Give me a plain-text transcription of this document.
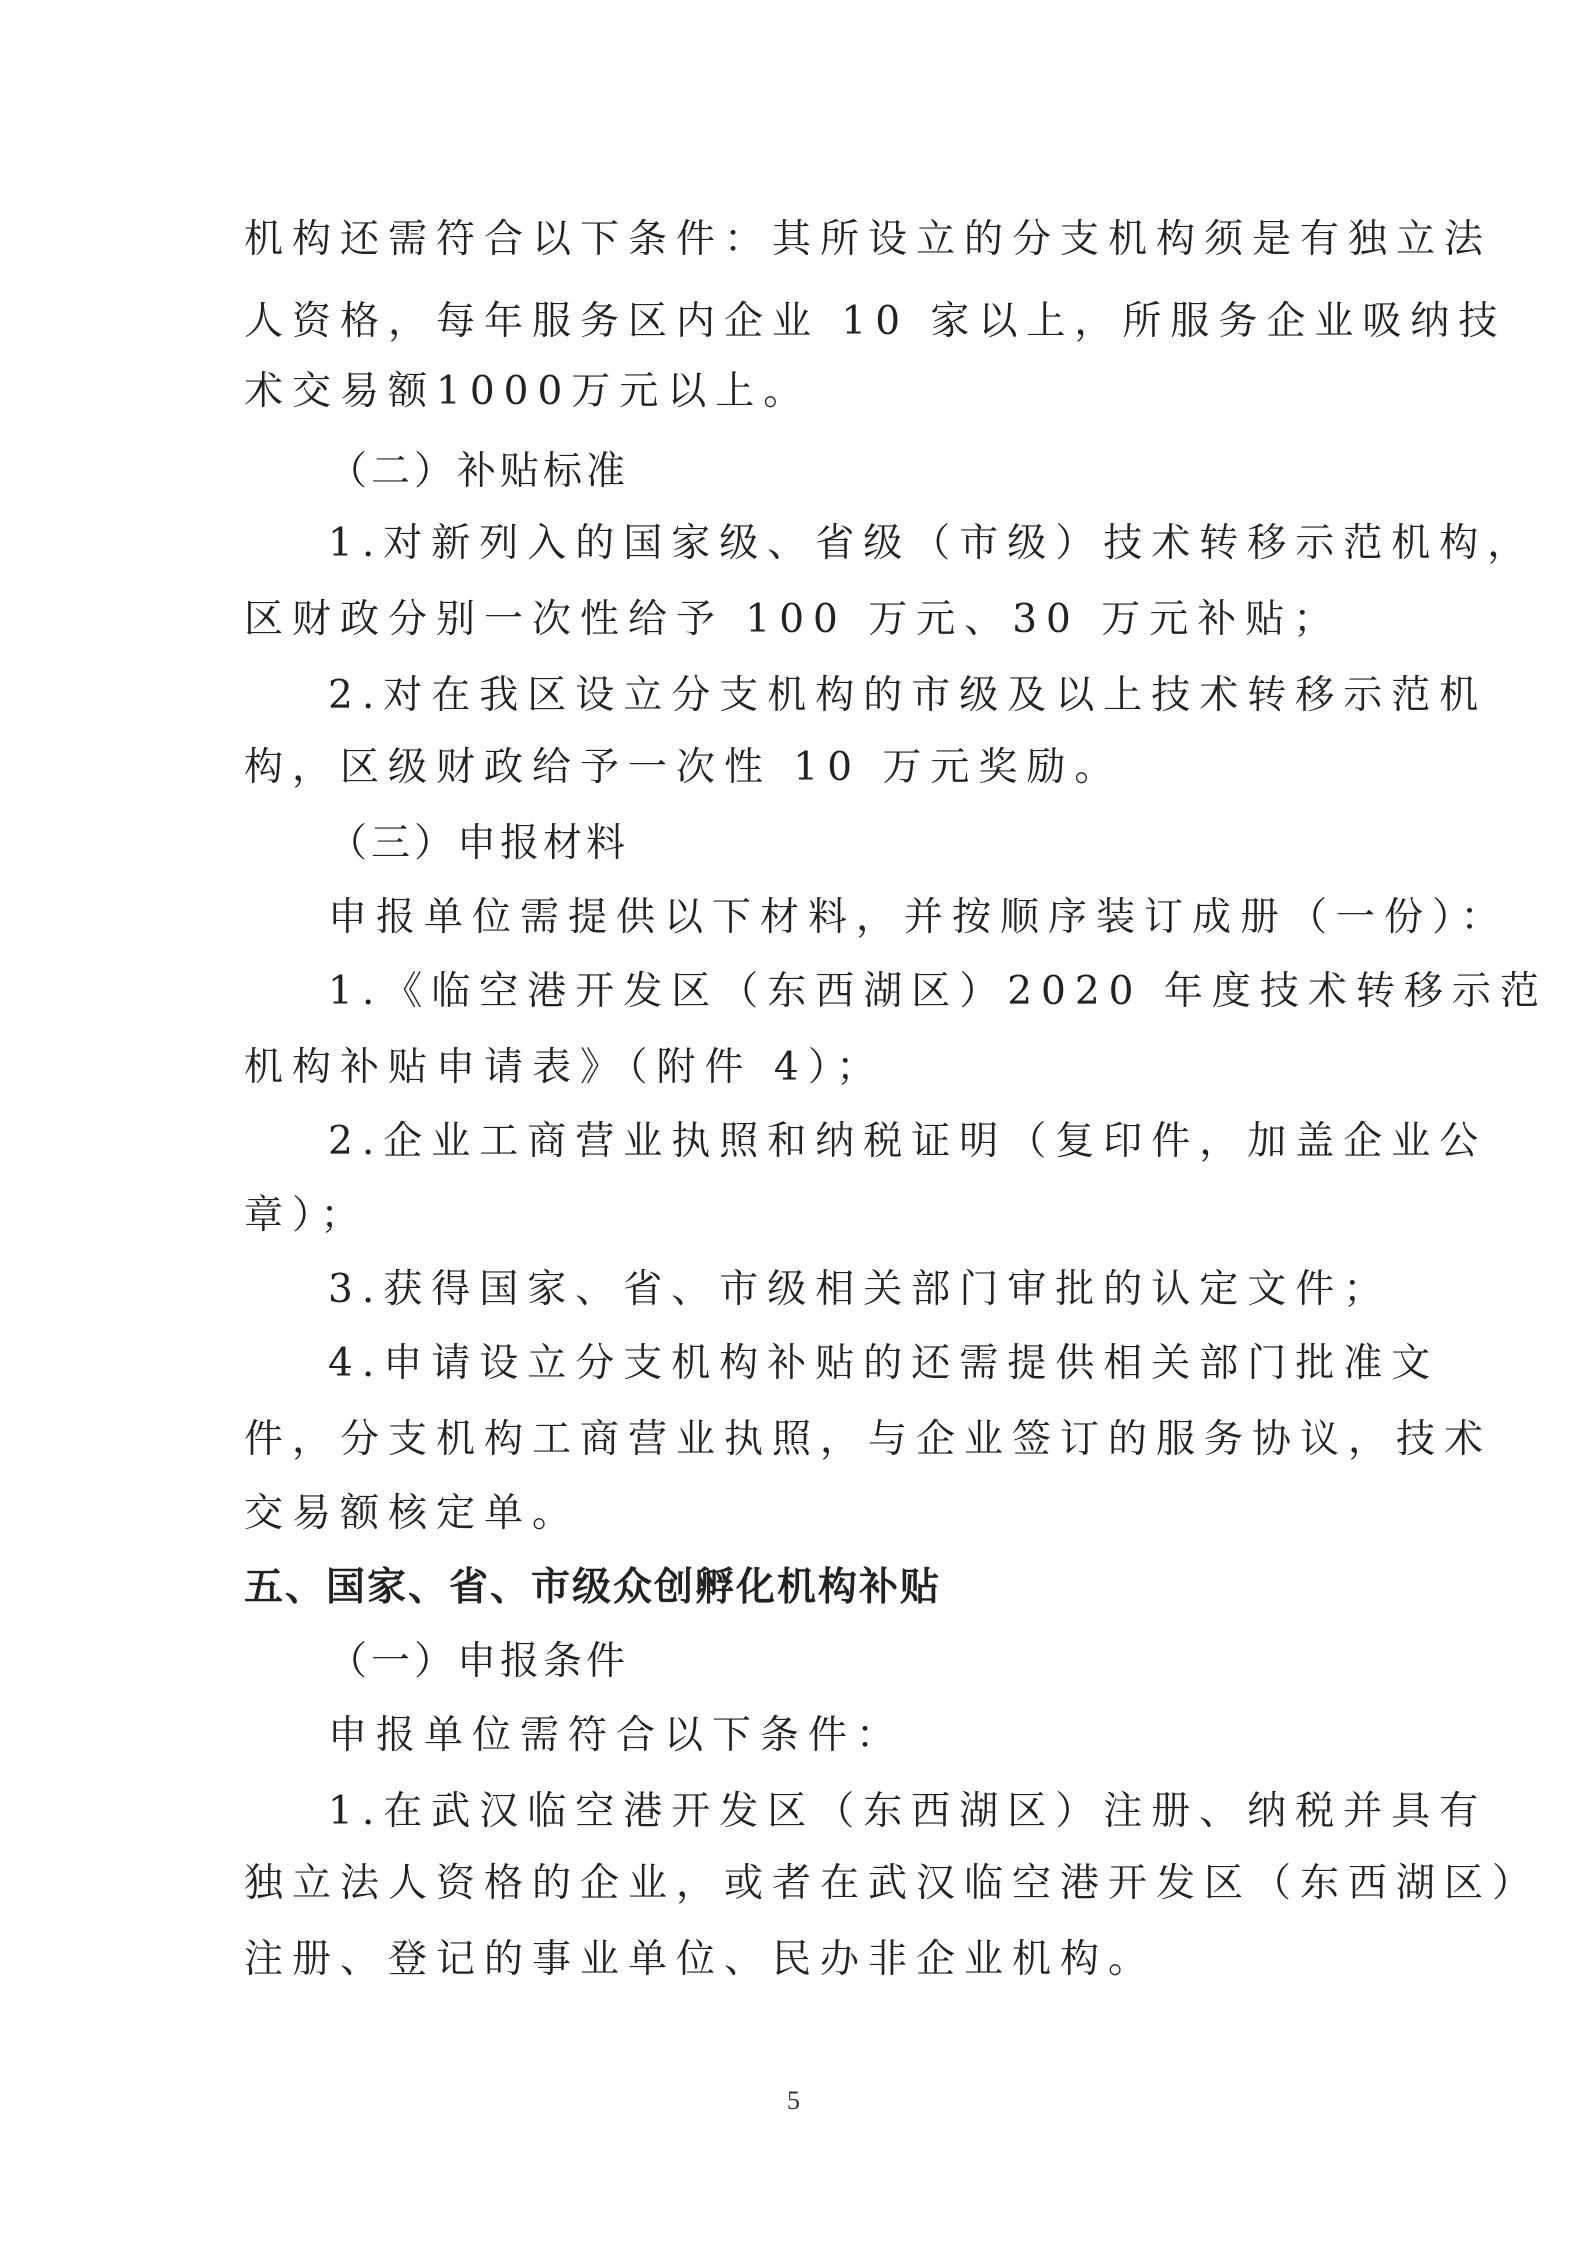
机构还需符合以下条件：其所设立的分支机构须是有独立法
人资格，每年服务区内企业 10 家以上，所服务企业吸纳技
术交易额1000万元以上。
（二）补贴标准
1.对新列入的国家级、省级（市级）技术转移示范机构，
区财政分别一次性给予 100 万元、30 万元补贴；
2.对在我区设立分支机构的市级及以上技术转移示范机
构，区级财政给予一次性 10 万元奖励。
（三）申报材料
申报单位需提供以下材料，并按顺序装订成册（一份）：
1.《临空港开发区（东西湖区）2020 年度技术转移示范
机构补贴申请表》（附件 4）；
2.企业工商营业执照和纳税证明（复印件，加盖企业公
章）；
3.获得国家、省、市级相关部门审批的认定文件；
4.申请设立分支机构补贴的还需提供相关部门批准文
件，分支机构工商营业执照，与企业签订的服务协议，技术
交易额核定单。
五、国家、省、市级众创孵化机构补贴
（一）申报条件
申报单位需符合以下条件：
1.在武汉临空港开发区（东西湖区）注册、纳税并具有
独立法人资格的企业，或者在武汉临空港开发区（东西湖区）
注册、登记的事业单位、民办非企业机构。
5
